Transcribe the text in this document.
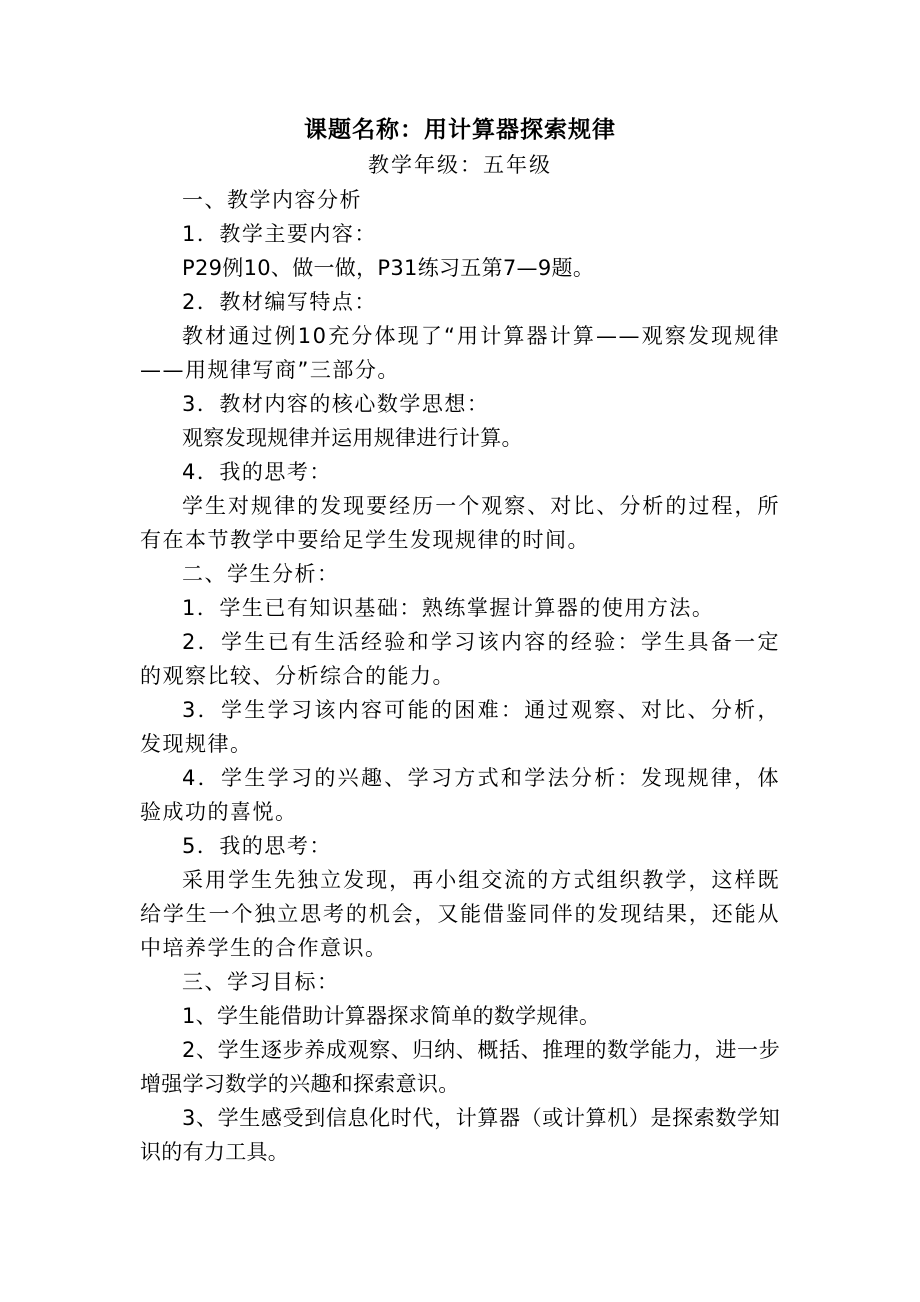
课题名称：用计算器探索规律
教学年级：五年级

一、教学内容分析

1．教学主要内容：

P29例10、做一做，P31练习五第7—9题。

2．教材编写特点：

教材通过例10充分体现了“用计算器计算——观察发现规律——用规律写商”三部分。

3．教材内容的核心数学思想：

观察发现规律并运用规律进行计算。

4．我的思考：

学生对规律的发现要经历一个观察、对比、分析的过程，所有在本节教学中要给足学生发现规律的时间。

二、学生分析：

1．学生已有知识基础：熟练掌握计算器的使用方法。

2．学生已有生活经验和学习该内容的经验：学生具备一定的观察比较、分析综合的能力。

3．学生学习该内容可能的困难：通过观察、对比、分析，发现规律。

4．学生学习的兴趣、学习方式和学法分析：发现规律，体验成功的喜悦。

5．我的思考：

采用学生先独立发现，再小组交流的方式组织教学，这样既给学生一个独立思考的机会，又能借鉴同伴的发现结果，还能从中培养学生的合作意识。

三、学习目标：

1、学生能借助计算器探求简单的数学规律。

2、学生逐步养成观察、归纳、概括、推理的数学能力，进一步增强学习数学的兴趣和探索意识。

3、学生感受到信息化时代，计算器（或计算机）是探索数学知识的有力工具。
